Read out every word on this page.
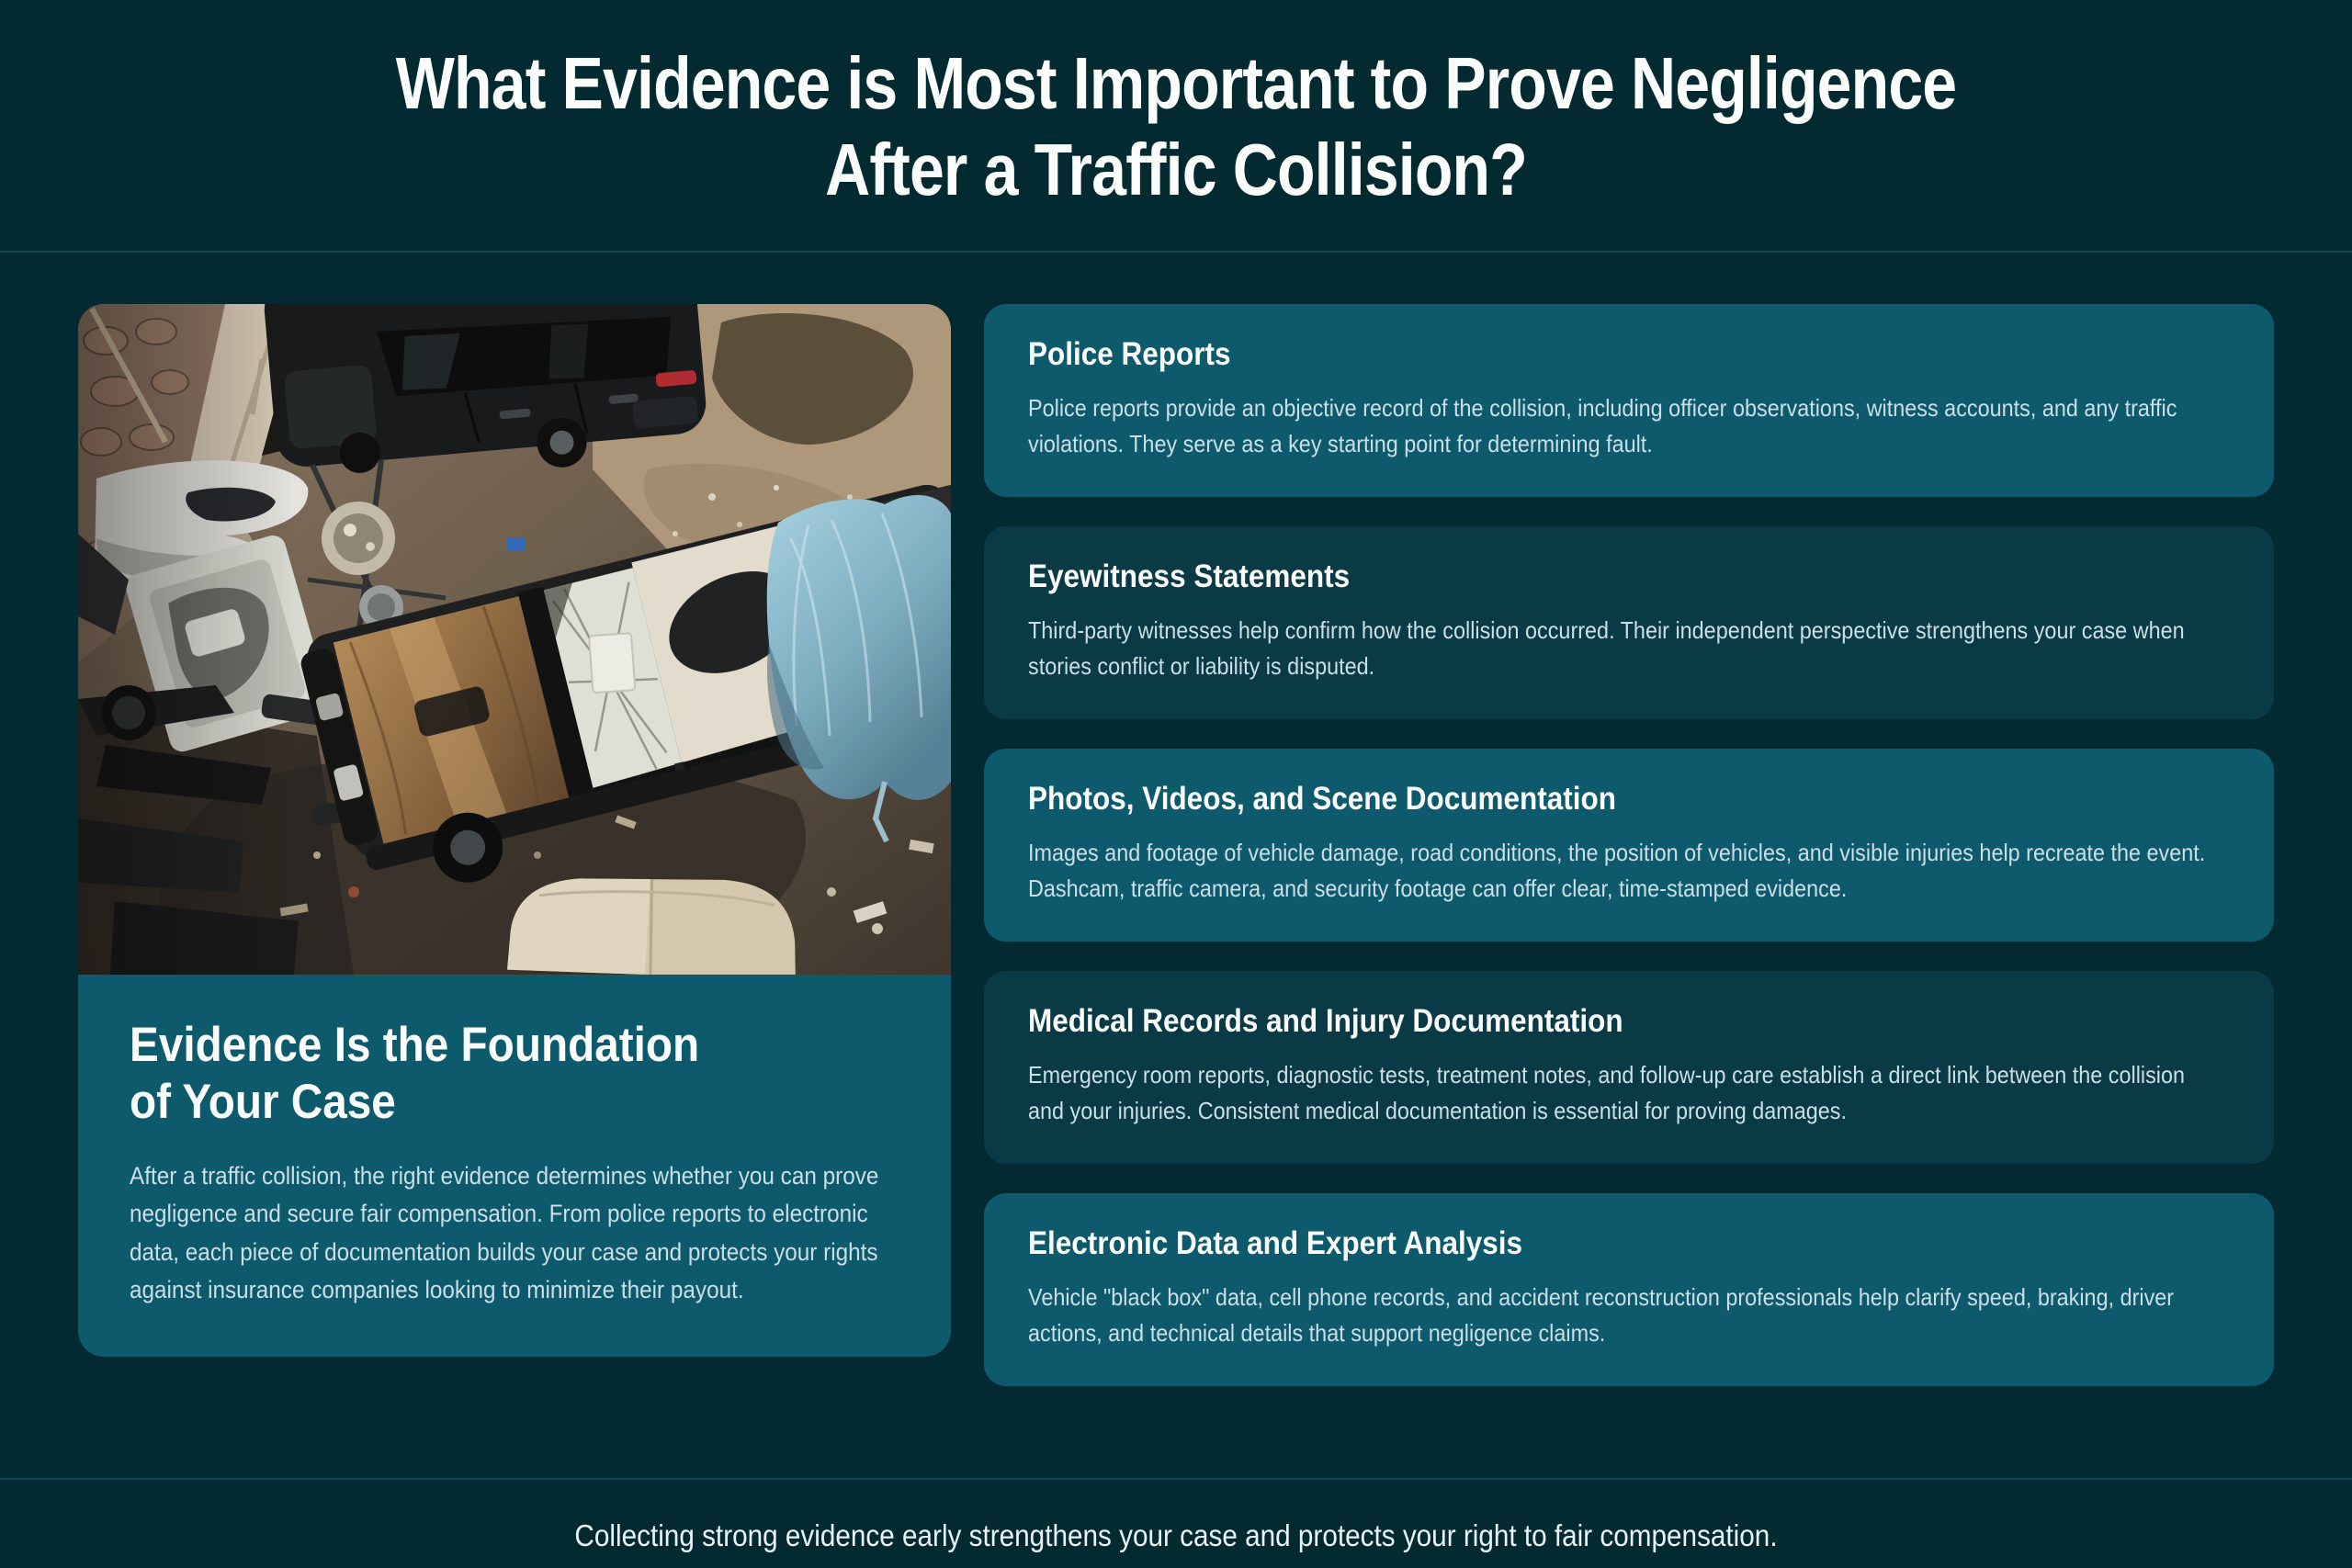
What Evidence is Most Important to Prove Negligence
After a Traffic Collision?
Evidence Is the Foundation
of Your Case

After a traffic collision, the right evidence determines whether you can prove negligence and secure fair compensation. From police reports to electronic data, each piece of documentation builds your case and protects your rights against insurance companies looking to minimize their payout.

Police Reports

Police reports provide an objective record of the collision, including officer observations, witness accounts, and any traffic violations. They serve as a key starting point for determining fault.

Eyewitness Statements

Third-party witnesses help confirm how the collision occurred. Their independent perspective strengthens your case when stories conflict or liability is disputed.

Photos, Videos, and Scene Documentation

Images and footage of vehicle damage, road conditions, the position of vehicles, and visible injuries help recreate the event. Dashcam, traffic camera, and security footage can offer clear, time-stamped evidence.

Medical Records and Injury Documentation

Emergency room reports, diagnostic tests, treatment notes, and follow-up care establish a direct link between the collision and your injuries. Consistent medical documentation is essential for proving damages.

Electronic Data and Expert Analysis

Vehicle "black box" data, cell phone records, and accident reconstruction professionals help clarify speed, braking, driver actions, and technical details that support negligence claims.

Collecting strong evidence early strengthens your case and protects your right to fair compensation.
